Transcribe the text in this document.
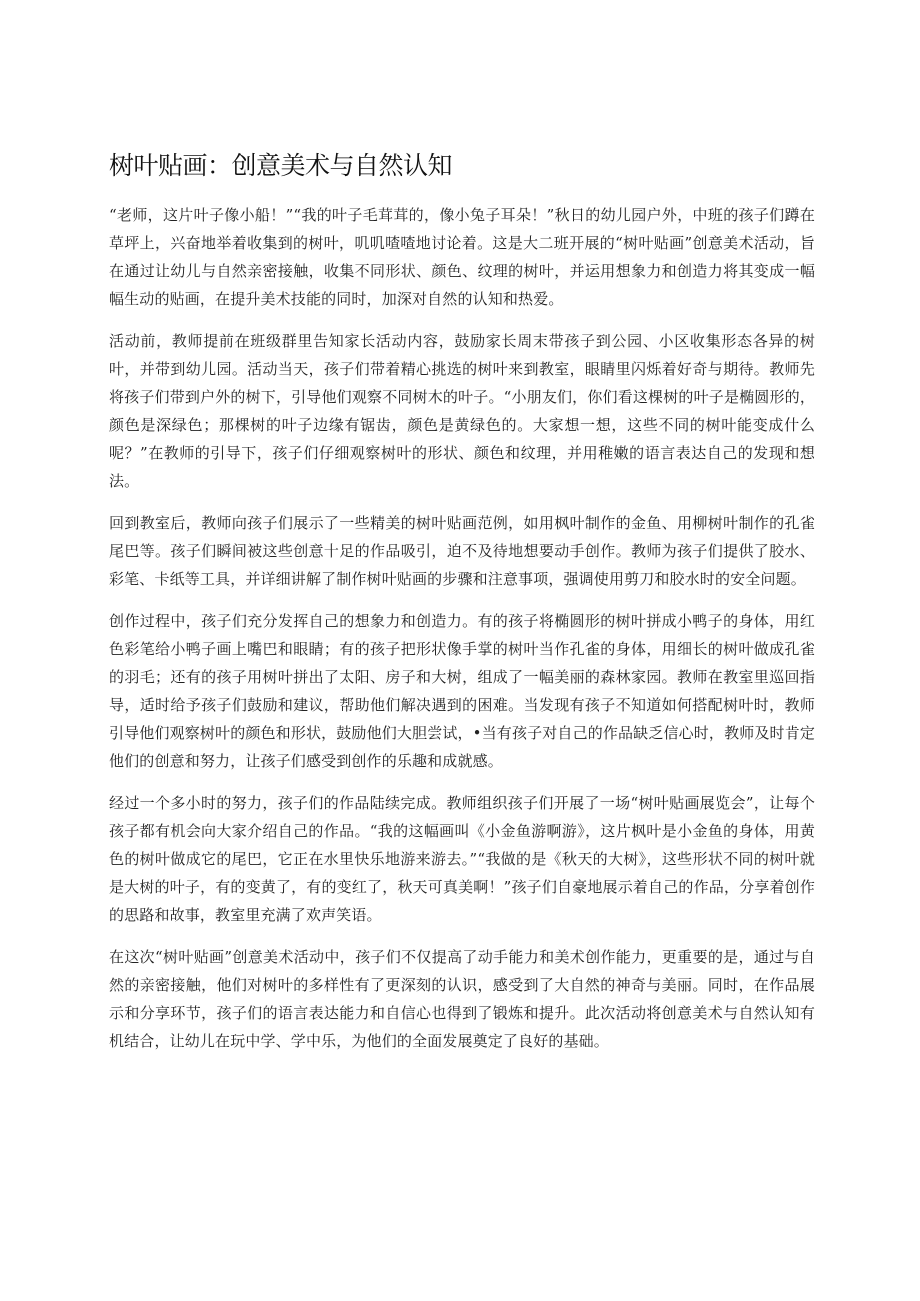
树叶贴画：创意美术与自然认知

“老师，这片叶子像小船！”“我的叶子毛茸茸的，像小兔子耳朵！”秋日的幼儿园户外，中班的孩子们蹲在草坪上，兴奋地举着收集到的树叶，叽叽喳喳地讨论着。这是大二班开展的“树叶贴画”创意美术活动，旨在通过让幼儿与自然亲密接触，收集不同形状、颜色、纹理的树叶，并运用想象力和创造力将其变成一幅幅生动的贴画，在提升美术技能的同时，加深对自然的认知和热爱。

活动前，教师提前在班级群里告知家长活动内容，鼓励家长周末带孩子到公园、小区收集形态各异的树叶，并带到幼儿园。活动当天，孩子们带着精心挑选的树叶来到教室，眼睛里闪烁着好奇与期待。教师先将孩子们带到户外的树下，引导他们观察不同树木的叶子。“小朋友们，你们看这棵树的叶子是椭圆形的，颜色是深绿色；那棵树的叶子边缘有锯齿，颜色是黄绿色的。大家想一想，这些不同的树叶能变成什么呢？”在教师的引导下，孩子们仔细观察树叶的形状、颜色和纹理，并用稚嫩的语言表达自己的发现和想法。

回到教室后，教师向孩子们展示了一些精美的树叶贴画范例，如用枫叶制作的金鱼、用柳树叶制作的孔雀尾巴等。孩子们瞬间被这些创意十足的作品吸引，迫不及待地想要动手创作。教师为孩子们提供了胶水、彩笔、卡纸等工具，并详细讲解了制作树叶贴画的步骤和注意事项，强调使用剪刀和胶水时的安全问题。

创作过程中，孩子们充分发挥自己的想象力和创造力。有的孩子将椭圆形的树叶拼成小鸭子的身体，用红色彩笔给小鸭子画上嘴巴和眼睛；有的孩子把形状像手掌的树叶当作孔雀的身体，用细长的树叶做成孔雀的羽毛；还有的孩子用树叶拼出了太阳、房子和大树，组成了一幅美丽的森林家园。教师在教室里巡回指导，适时给予孩子们鼓励和建议，帮助他们解决遇到的困难。当发现有孩子不知道如何搭配树叶时，教师引导他们观察树叶的颜色和形状，鼓励他们大胆尝试，•当有孩子对自己的作品缺乏信心时，教师及时肯定他们的创意和努力，让孩子们感受到创作的乐趣和成就感。

经过一个多小时的努力，孩子们的作品陆续完成。教师组织孩子们开展了一场“树叶贴画展览会”，让每个孩子都有机会向大家介绍自己的作品。“我的这幅画叫《小金鱼游啊游》，这片枫叶是小金鱼的身体，用黄色的树叶做成它的尾巴，它正在水里快乐地游来游去。”“我做的是《秋天的大树》，这些形状不同的树叶就是大树的叶子，有的变黄了，有的变红了，秋天可真美啊！”孩子们自豪地展示着自己的作品，分享着创作的思路和故事，教室里充满了欢声笑语。

在这次“树叶贴画”创意美术活动中，孩子们不仅提高了动手能力和美术创作能力，更重要的是，通过与自然的亲密接触，他们对树叶的多样性有了更深刻的认识，感受到了大自然的神奇与美丽。同时，在作品展示和分享环节，孩子们的语言表达能力和自信心也得到了锻炼和提升。此次活动将创意美术与自然认知有机结合，让幼儿在玩中学、学中乐，为他们的全面发展奠定了良好的基础。
